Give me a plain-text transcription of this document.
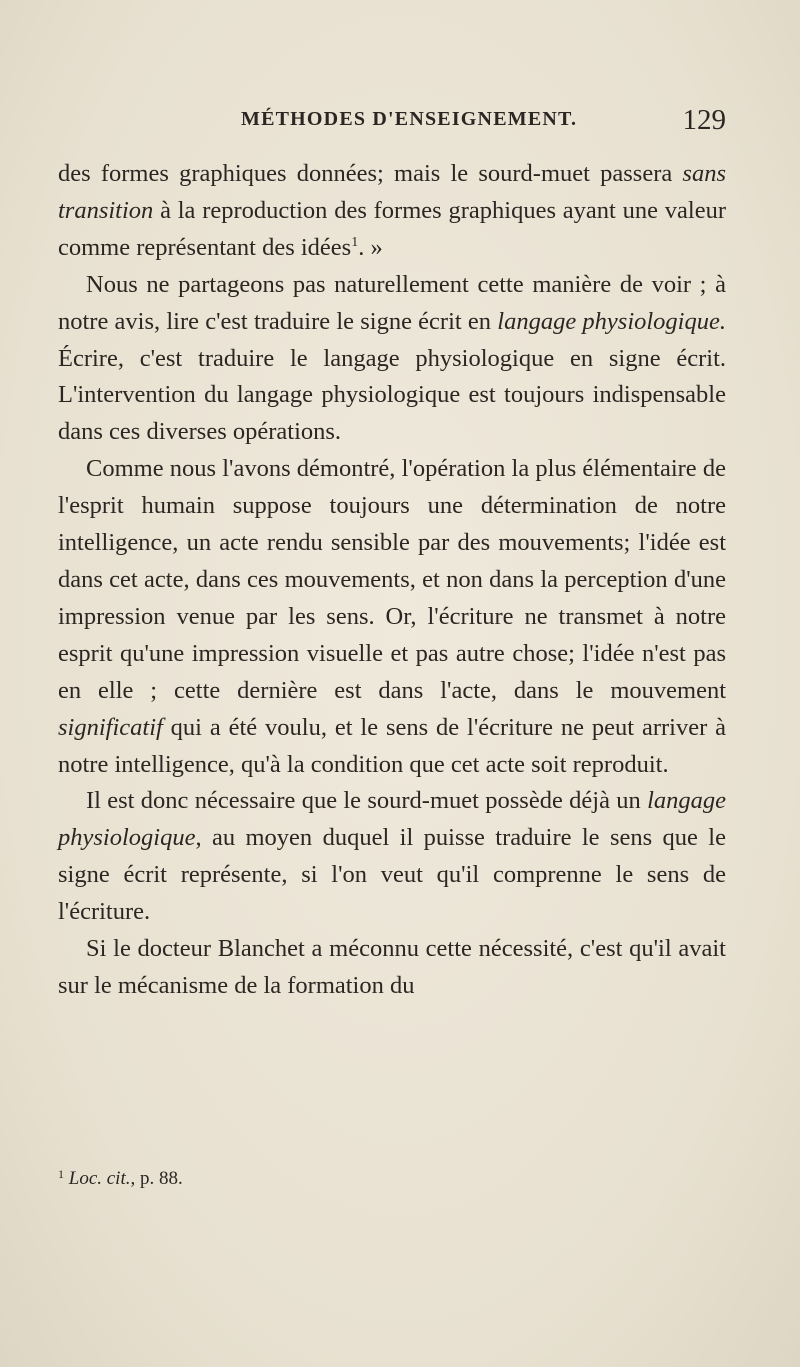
MÉTHODES D'ENSEIGNEMENT.	129

des formes graphiques données; mais le sourd-muet passera sans transition à la reproduction des formes graphiques ayant une valeur comme représentant des idées$^1$. »

Nous ne partageons pas naturellement cette manière de voir ; à notre avis, lire c'est traduire le signe écrit en langage physiologique. Écrire, c'est traduire le langage physiologique en signe écrit. L'intervention du langage physiologique est toujours indispensable dans ces diverses opérations.

Comme nous l'avons démontré, l'opération la plus élémentaire de l'esprit humain suppose toujours une détermination de notre intelligence, un acte rendu sensible par des mouvements; l'idée est dans cet acte, dans ces mouvements, et non dans la perception d'une impression venue par les sens. Or, l'écriture ne transmet à notre esprit qu'une impression visuelle et pas autre chose; l'idée n'est pas en elle ; cette dernière est dans l'acte, dans le mouvement significatif qui a été voulu, et le sens de l'écriture ne peut arriver à notre intelligence, qu'à la condition que cet acte soit reproduit.

Il est donc nécessaire que le sourd-muet possède déjà un langage physiologique, au moyen duquel il puisse traduire le sens que le signe écrit représente, si l'on veut qu'il comprenne le sens de l'écriture.

Si le docteur Blanchet a méconnu cette nécessité, c'est qu'il avait sur le mécanisme de la formation du

$^1$ Loc. cit., p. 88.
